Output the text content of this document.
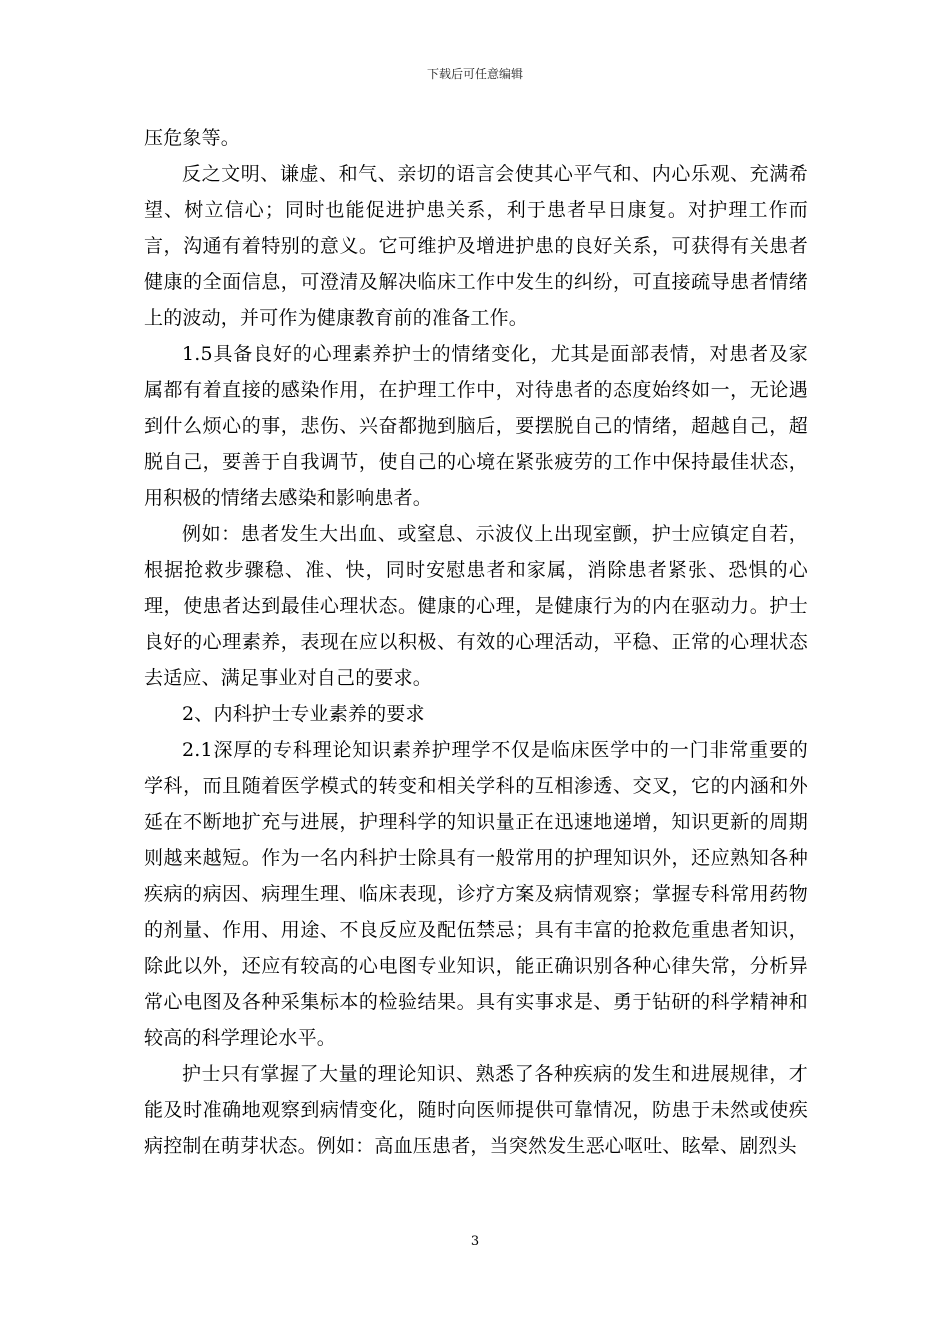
下载后可任意编辑

压危象等。

反之文明、谦虚、和气、亲切的语言会使其心平气和、内心乐观、充满希望、树立信心；同时也能促进护患关系，利于患者早日康复。对护理工作而言，沟通有着特别的意义。它可维护及增进护患的良好关系，可获得有关患者健康的全面信息，可澄清及解决临床工作中发生的纠纷，可直接疏导患者情绪上的波动，并可作为健康教育前的准备工作。

1.5具备良好的心理素养护士的情绪变化，尤其是面部表情，对患者及家属都有着直接的感染作用，在护理工作中，对待患者的态度始终如一，无论遇到什么烦心的事，悲伤、兴奋都抛到脑后，要摆脱自己的情绪，超越自己，超脱自己，要善于自我调节，使自己的心境在紧张疲劳的工作中保持最佳状态，用积极的情绪去感染和影响患者。

例如：患者发生大出血、或窒息、示波仪上出现室颤，护士应镇定自若，根据抢救步骤稳、准、快，同时安慰患者和家属，消除患者紧张、恐惧的心理，使患者达到最佳心理状态。健康的心理，是健康行为的内在驱动力。护士良好的心理素养，表现在应以积极、有效的心理活动，平稳、正常的心理状态去适应、满足事业对自己的要求。

2、内科护士专业素养的要求

2.1深厚的专科理论知识素养护理学不仅是临床医学中的一门非常重要的学科，而且随着医学模式的转变和相关学科的互相渗透、交叉，它的内涵和外延在不断地扩充与进展，护理科学的知识量正在迅速地递增，知识更新的周期则越来越短。作为一名内科护士除具有一般常用的护理知识外，还应熟知各种疾病的病因、病理生理、临床表现，诊疗方案及病情观察；掌握专科常用药物的剂量、作用、用途、不良反应及配伍禁忌；具有丰富的抢救危重患者知识，除此以外，还应有较高的心电图专业知识，能正确识别各种心律失常，分析异常心电图及各种采集标本的检验结果。具有实事求是、勇于钻研的科学精神和较高的科学理论水平。

护士只有掌握了大量的理论知识、熟悉了各种疾病的发生和进展规律，才能及时准确地观察到病情变化，随时向医师提供可靠情况，防患于未然或使疾病控制在萌芽状态。例如：高血压患者，当突然发生恶心呕吐、眩晕、剧烈头

3
